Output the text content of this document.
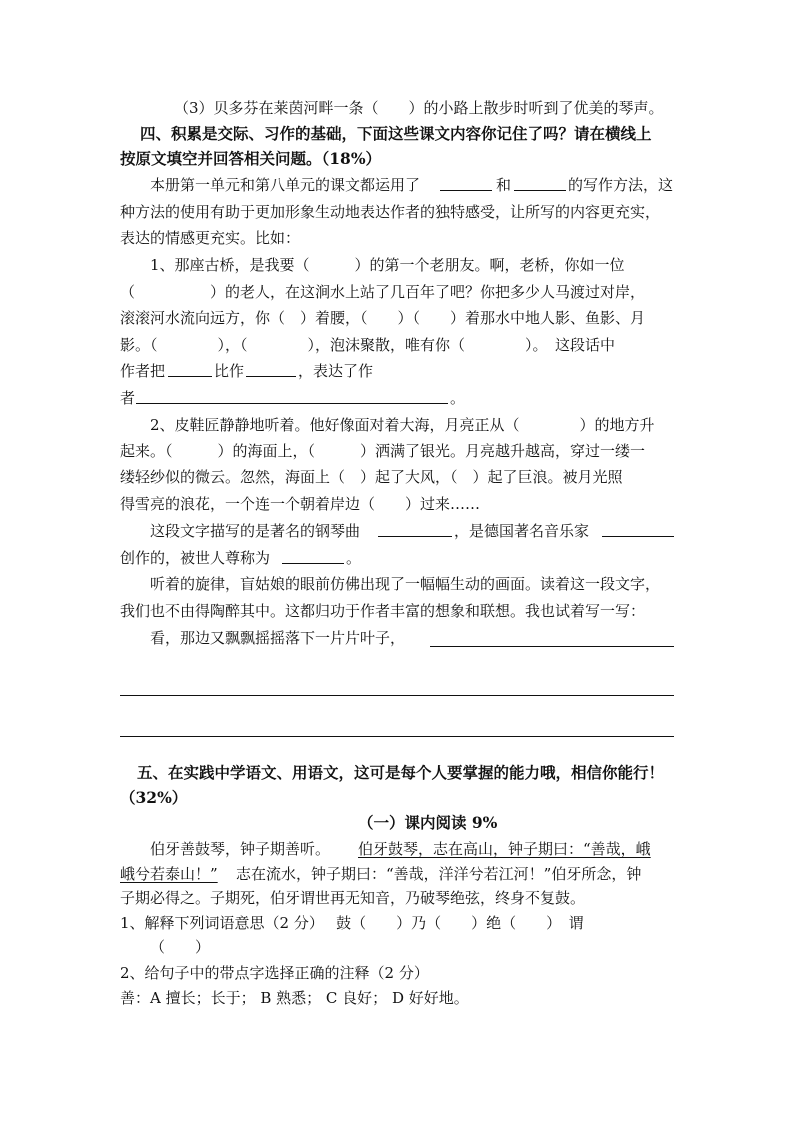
（3）贝多芬在莱茵河畔一条（　　）的小路上散步时听到了优美的琴声。
四、积累是交际、习作的基础，下面这些课文内容你记住了吗？请在横线上
按原文填空并回答相关问题。（18%）
本册第一单元和第八单元的课文都运用了	和	的写作方法，这
种方法的使用有助于更加形象生动地表达作者的独特感受，让所写的内容更充实，
表达的情感更充实。比如：
1、那座古桥，是我要（　　　）的第一个老朋友。啊，老桥，你如一位
（　　　　　）的老人，在这涧水上站了几百年了吧？你把多少人马渡过对岸，
滚滚河水流向远方，你（　）着腰，（　　）（　　）着那水中地人影、鱼影、月
影。（　　　　），（　　　　），泡沫聚散，唯有你（　　　　）。　这段话中
作者把	比作	，表达了作
者	。
2、皮鞋匠静静地听着。他好像面对着大海，月亮正从（　　　　）的地方升
起来。（　　　）的海面上，（　　　）洒满了银光。月亮越升越高，穿过一缕一
缕轻纱似的微云。忽然，海面上（　）起了大风，（　）起了巨浪。被月光照
得雪亮的浪花，一个连一个朝着岸边（　　）过来……
这段文字描写的是著名的钢琴曲	，是德国著名音乐家
创作的，被世人尊称为	。
听着的旋律，盲姑娘的眼前仿佛出现了一幅幅生动的画面。读着这一段文字，
我们也不由得陶醉其中。这都归功于作者丰富的想象和联想。我也试着写一写：
看，那边又飘飘摇摇落下一片片叶子，
五、在实践中学语文、用语文，这可是每个人要掌握的能力哦，相信你能行！
（32%）
（一）课内阅读 9%
伯牙善鼓琴，钟子期善听。 伯牙鼓琴，志在高山，钟子期曰：“善哉，峨
峨兮若泰山！” 志在流水，钟子期曰：“善哉，洋洋兮若江河！”伯牙所念，钟
子期必得之。子期死，伯牙谓世再无知音，乃破琴绝弦，终身不复鼓。
1、解释下列词语意思（2 分）　 鼓（　　）乃（　　）绝（　　）　谓
（　　）
2、给句子中的带点字选择正确的注释（2 分）
善：A 擅长；长于； B 熟悉； C 良好； D 好好地。
